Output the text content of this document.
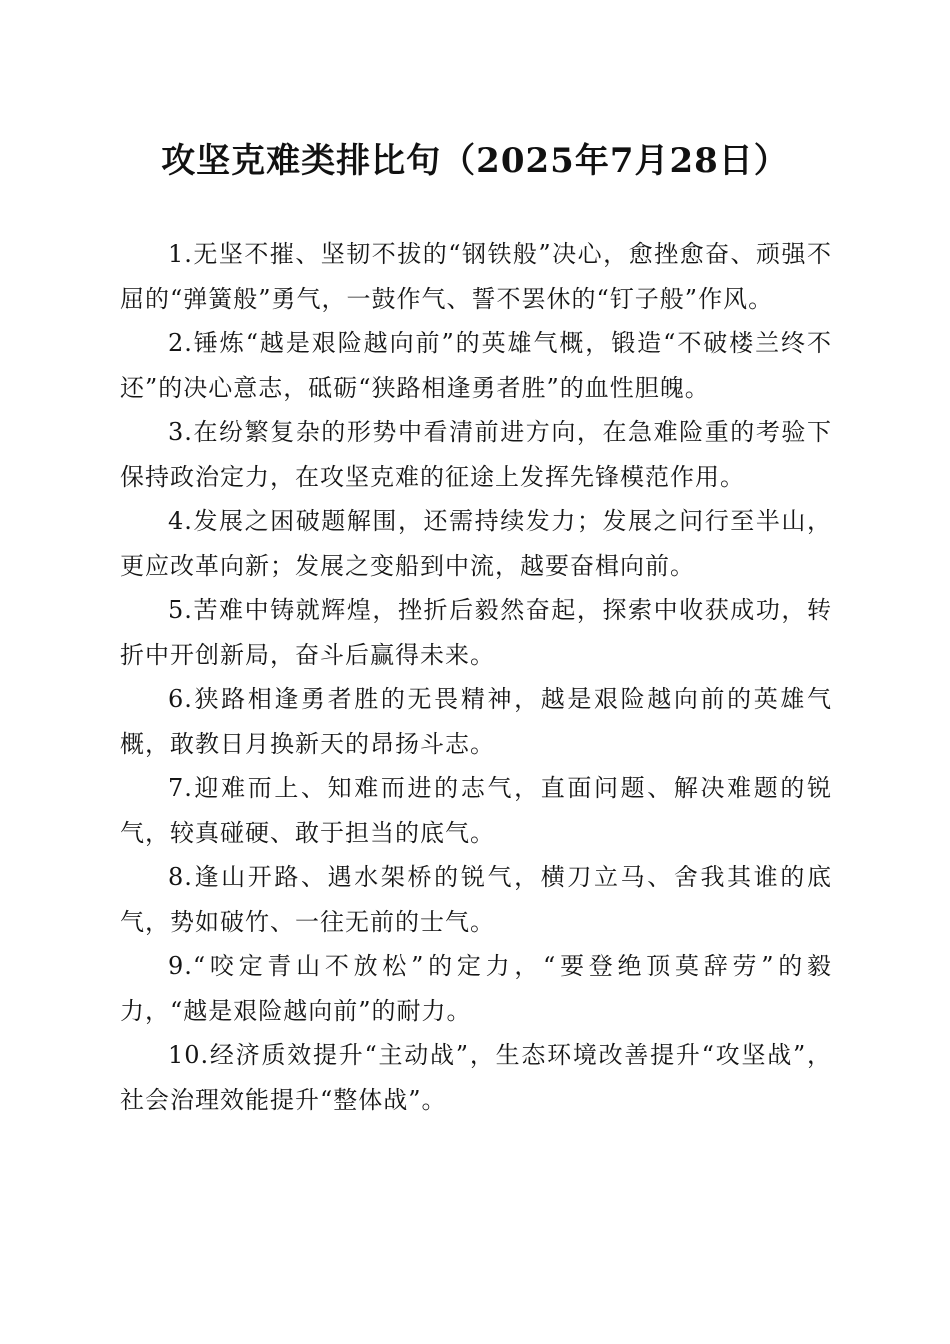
攻坚克难类排比句（2025年7月28日）

1.无坚不摧、坚韧不拔的“钢铁般”决心，愈挫愈奋、顽强不屈的“弹簧般”勇气，一鼓作气、誓不罢休的“钉子般”作风。

2.锤炼“越是艰险越向前”的英雄气概，锻造“不破楼兰终不还”的决心意志，砥砺“狭路相逢勇者胜”的血性胆魄。

3.在纷繁复杂的形势中看清前进方向，在急难险重的考验下保持政治定力，在攻坚克难的征途上发挥先锋模范作用。

4.发展之困破题解围，还需持续发力；发展之问行至半山，更应改革向新；发展之变船到中流，越要奋楫向前。

5.苦难中铸就辉煌，挫折后毅然奋起，探索中收获成功，转折中开创新局，奋斗后赢得未来。

6.狭路相逢勇者胜的无畏精神，越是艰险越向前的英雄气概，敢教日月换新天的昂扬斗志。

7.迎难而上、知难而进的志气，直面问题、解决难题的锐气，较真碰硬、敢于担当的底气。

8.逢山开路、遇水架桥的锐气，横刀立马、舍我其谁的底气，势如破竹、一往无前的士气。

9.“咬定青山不放松”的定力，“要登绝顶莫辞劳”的毅力，“越是艰险越向前”的耐力。

10.经济质效提升“主动战”，生态环境改善提升“攻坚战”，社会治理效能提升“整体战”。
